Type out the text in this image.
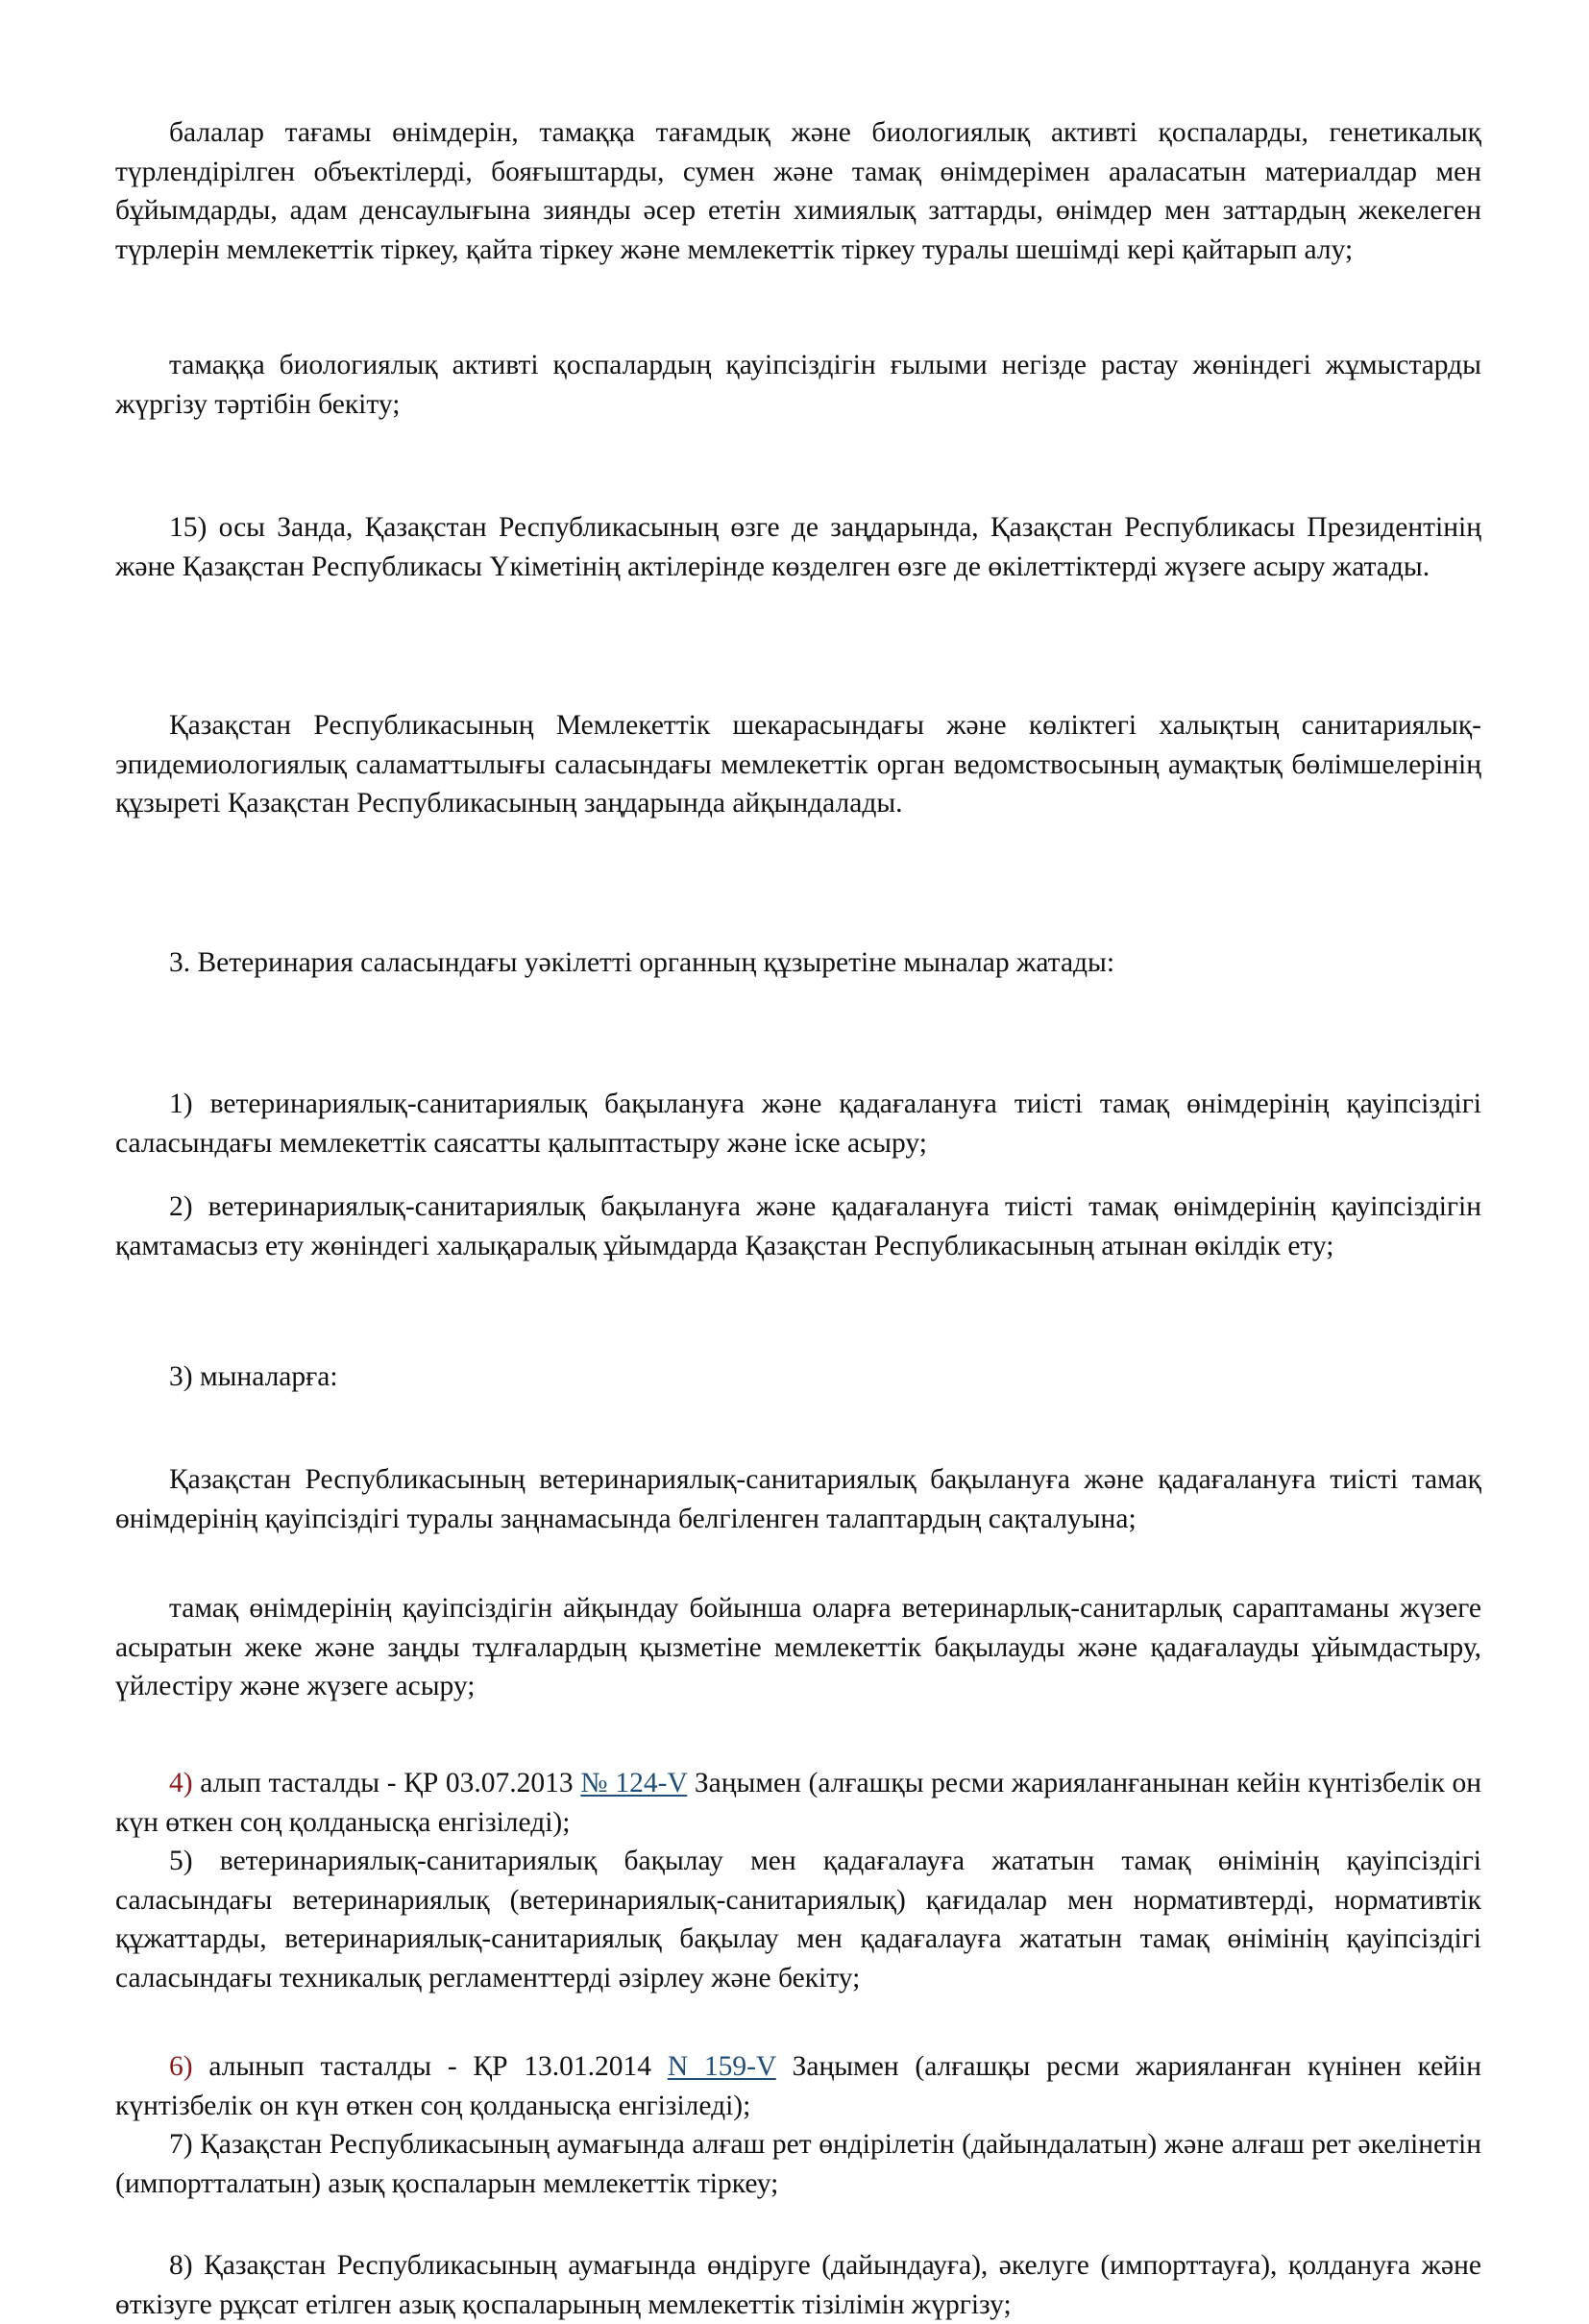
балалар тағамы өнімдерін, тамаққа тағамдық және биологиялық активті қоспаларды, генетикалық түрлендірілген объектілерді, бояғыштарды, сумен және тамақ өнімдерімен араласатын материалдар мен бұйымдарды, адам денсаулығына зиянды әсер ететін химиялық заттарды, өнімдер мен заттардың жекелеген түрлерін мемлекеттік тіркеу, қайта тіркеу және мемлекеттік тіркеу туралы шешімді кері қайтарып алу;

тамаққа биологиялық активті қоспалардың қауіпсіздігін ғылыми негізде растау жөніндегі жұмыстарды жүргізу тәртібін бекіту;

15) осы Занда, Қазақстан Республикасының өзге де заңдарында, Қазақстан Республикасы Президентінің және Қазақстан Республикасы Үкіметінің актілерінде көзделген өзге де өкілеттіктерді жүзеге асыру жатады.

Қазақстан Республикасының Мемлекеттік шекарасындағы және көліктегі халықтың санитариялық-эпидемиологиялық саламаттылығы саласындағы мемлекеттік орган ведомствосының аумақтық бөлімшелерінің құзыреті Қазақстан Республикасының заңдарында айқындалады.

3. Ветеринария саласындағы уәкілетті органның құзыретіне мыналар жатады:

1) ветеринариялық-санитариялық бақылануға және қадағалануға тиісті тамақ өнімдерінің қауіпсіздігі саласындағы мемлекеттік саясатты қалыптастыру және іске асыру;

2) ветеринариялық-санитариялық бақылануға және қадағалануға тиісті тамақ өнімдерінің қауіпсіздігін қамтамасыз ету жөніндегі халықаралық ұйымдарда Қазақстан Республикасының атынан өкілдік ету;

3) мыналарға:

Қазақстан Республикасының ветеринариялық-санитариялық бақылануға және қадағалануға тиісті тамақ өнімдерінің қауіпсіздігі туралы заңнамасында белгіленген талаптардың сақталуына;

тамақ өнімдерінің қауіпсіздігін айқындау бойынша оларға ветеринарлық-санитарлық сараптаманы жүзеге асыратын жеке және заңды тұлғалардың қызметіне мемлекеттік бақылауды және қадағалауды ұйымдастыру, үйлестіру және жүзеге асыру;

4) алып тасталды - ҚР 03.07.2013 № 124-V Заңымен (алғашқы ресми жарияланғанынан кейін күнтізбелік он күн өткен соң қолданысқа енгізіледі);

5) ветеринариялық-санитариялық бақылау мен қадағалауға жататын тамақ өнімінің қауіпсіздігі саласындағы ветеринариялық (ветеринариялық-санитариялық) қағидалар мен нормативтерді, нормативтік құжаттарды, ветеринариялық-санитариялық бақылау мен қадағалауға жататын тамақ өнімінің қауіпсіздігі саласындағы техникалық регламенттерді әзірлеу және бекіту;

6) алынып тасталды - ҚР 13.01.2014 N 159-V Заңымен (алғашқы ресми жарияланған күнінен кейін күнтізбелік он күн өткен соң қолданысқа енгізіледі);

7) Қазақстан Республикасының аумағында алғаш рет өндірілетін (дайындалатын) және алғаш рет әкелінетін (импортталатын) азық қоспаларын мемлекеттік тіркеу;

8) Қазақстан Республикасының аумағында өндіруге (дайындауға), әкелуге (импорттауға), қолдануға және өткізуге рұқсат етілген азық қоспаларының мемлекеттік тізілімін жүргізу;
